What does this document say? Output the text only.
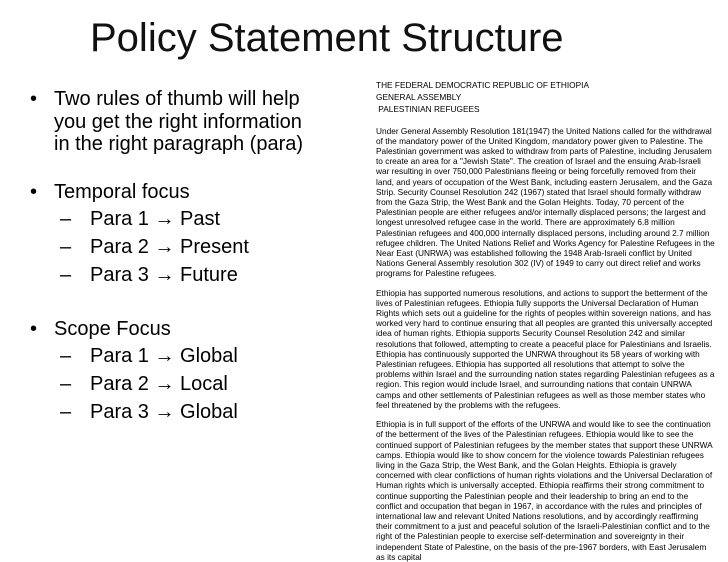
Policy Statement Structure
• Two rules of thumb will help
you get the right information
in the right paragraph (para)
• Temporal focus
– Para 1 → Past
– Para 2 → Present
– Para 3 → Future
• Scope Focus
– Para 1 → Global
– Para 2 → Local
– Para 3 → Global

THE FEDERAL DEMOCRATIC REPUBLIC OF ETHIOPIA

GENERAL ASSEMBLY

PALESTINIAN REFUGEES

Under General Assembly Resolution 181(1947) the United Nations called for the withdrawal of the mandatory power of the United Kingdom, mandatory power given to Palestine. The Palestinian government was asked to withdraw from parts of Palestine, including Jerusalem to create an area for a "Jewish State". The creation of Israel and the ensuing Arab-Israeli war resulting in over 750,000 Palestinians fleeing or being forcefully removed from their land, and years of occupation of the West Bank, including eastern Jerusalem, and the Gaza Strip. Security Counsel Resolution 242 (1967) stated that Israel should formally withdraw from the Gaza Strip, the West Bank and the Golan Heights. Today, 70 percent of the Palestinian people are either refugees and/or internally displaced persons; the largest and longest unresolved refugee case in the world. There are approximately 6.8 million Palestinian refugees and 400,000 internally displaced persons, including around 2.7 million refugee children. The United Nations Relief and Works Agency for Palestine Refugees in the Near East (UNRWA) was established following the 1948 Arab-Israeli conflict by United Nations General Assembly resolution 302 (IV) of 1949 to carry out direct relief and works programs for Palestine refugees.

Ethiopia has supported numerous resolutions, and actions to support the betterment of the lives of Palestinian refugees. Ethiopia fully supports the Universal Declaration of Human Rights which sets out a guideline for the rights of peoples within sovereign nations, and has worked very hard to continue ensuring that all peoples are granted this universally accepted idea of human rights. Ethiopia supports Security Counsel Resolution 242 and similar resolutions that followed, attempting to create a peaceful place for Palestinians and Israelis. Ethiopia has continuously supported the UNRWA throughout its 58 years of working with Palestinian refugees. Ethiopia has supported all resolutions that attempt to solve the problems within Israel and the surrounding nation states regarding Palestinian refugees as a region. This region would include Israel, and surrounding nations that contain UNRWA camps and other settlements of Palestinian refugees as well as those member states who feel threatened by the problems with the refugees.

Ethiopia is in full support of the efforts of the UNRWA and would like to see the continuation of the betterment of the lives of the Palestinian refugees. Ethiopia would like to see the continued support of Palestinian refugees by the member states that support these UNRWA camps. Ethiopia would like to show concern for the violence towards Palestinian refugees living in the Gaza Strip, the West Bank, and the Golan Heights. Ethiopia is gravely concerned with clear conflictions of human rights violations and the Universal Declaration of Human rights which is universally accepted. Ethiopia reaffirms their strong commitment to continue supporting the Palestinian people and their leadership to bring an end to the conflict and occupation that began in 1967, in accordance with the rules and principles of international law and relevant United Nations resolutions, and by accordingly reaffirming their commitment to a just and peaceful solution of the Israeli-Palestinian conflict and to the right of the Palestinian people to exercise self-determination and sovereignty in their independent State of Palestine, on the basis of the pre-1967 borders, with East Jerusalem as its capital
